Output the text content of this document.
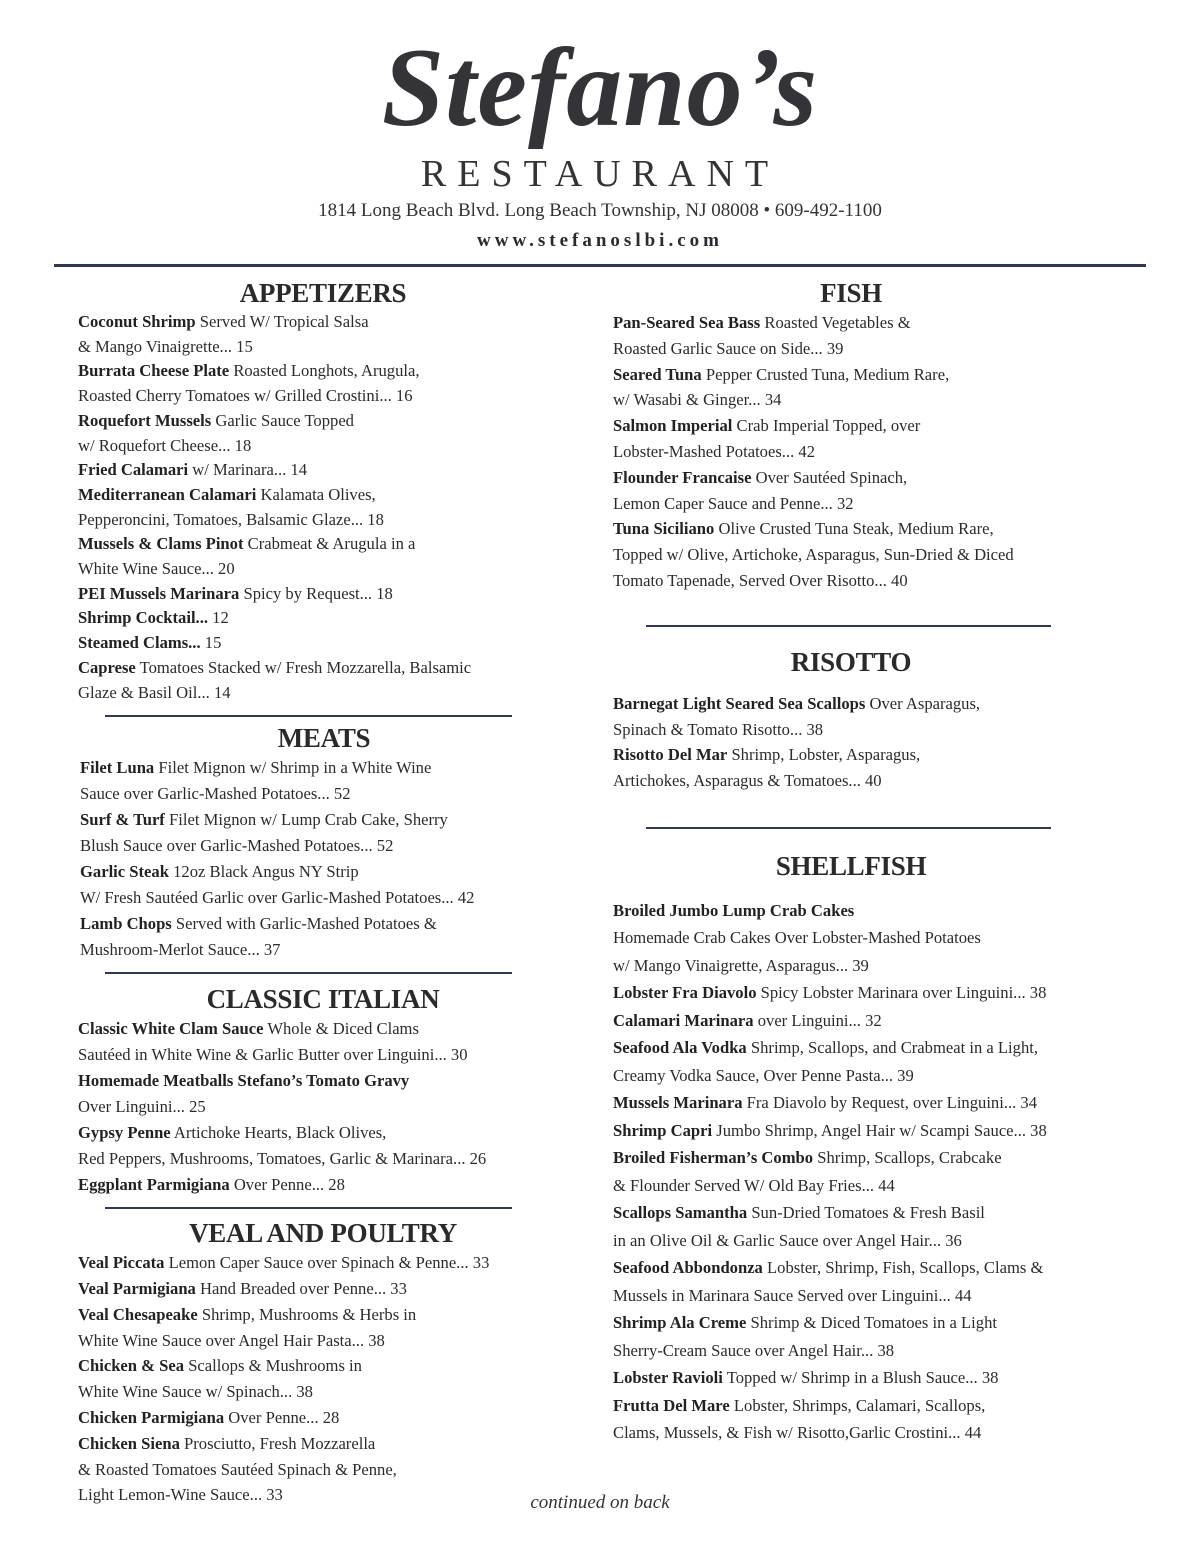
Stefano’s
RESTAURANT
1814 Long Beach Blvd. Long Beach Township, NJ 08008 • 609-492-1100
www.stefanoslbi.com
APPETIZERS
Coconut Shrimp Served W/ Tropical Salsa
& Mango Vinaigrette... 15
Burrata Cheese Plate Roasted Longhots, Arugula,
Roasted Cherry Tomatoes w/ Grilled Crostini... 16
Roquefort Mussels Garlic Sauce Topped
w/ Roquefort Cheese... 18
Fried Calamari w/ Marinara... 14
Mediterranean Calamari Kalamata Olives,
Pepperoncini, Tomatoes, Balsamic Glaze... 18
Mussels & Clams Pinot Crabmeat & Arugula in a
White Wine Sauce... 20
PEI Mussels Marinara Spicy by Request... 18
Shrimp Cocktail... 12
Steamed Clams... 15
Caprese Tomatoes Stacked w/ Fresh Mozzarella, Balsamic
Glaze & Basil Oil... 14
MEATS
Filet Luna Filet Mignon w/ Shrimp in a White Wine
Sauce over Garlic-Mashed Potatoes... 52
Surf & Turf Filet Mignon w/ Lump Crab Cake, Sherry
Blush Sauce over Garlic-Mashed Potatoes... 52
Garlic Steak 12oz Black Angus NY Strip
W/ Fresh Sautéed Garlic over Garlic-Mashed Potatoes... 42
Lamb Chops Served with Garlic-Mashed Potatoes &
Mushroom-Merlot Sauce... 37
CLASSIC ITALIAN
Classic White Clam Sauce Whole & Diced Clams
Sautéed in White Wine & Garlic Butter over Linguini... 30
Homemade Meatballs Stefano’s Tomato Gravy
Over Linguini... 25
Gypsy Penne Artichoke Hearts, Black Olives,
Red Peppers, Mushrooms, Tomatoes, Garlic & Marinara... 26
Eggplant Parmigiana Over Penne... 28
VEAL AND POULTRY
Veal Piccata Lemon Caper Sauce over Spinach & Penne... 33
Veal Parmigiana Hand Breaded over Penne... 33
Veal Chesapeake Shrimp, Mushrooms & Herbs in
White Wine Sauce over Angel Hair Pasta... 38
Chicken & Sea Scallops & Mushrooms in
White Wine Sauce w/ Spinach... 38
Chicken Parmigiana Over Penne... 28
Chicken Siena Prosciutto, Fresh Mozzarella
& Roasted Tomatoes Sautéed Spinach & Penne,
Light Lemon-Wine Sauce... 33
FISH
Pan-Seared Sea Bass Roasted Vegetables &
Roasted Garlic Sauce on Side... 39
Seared Tuna Pepper Crusted Tuna, Medium Rare,
w/ Wasabi & Ginger... 34
Salmon Imperial Crab Imperial Topped, over
Lobster-Mashed Potatoes... 42
Flounder Francaise Over Sautéed Spinach,
Lemon Caper Sauce and Penne... 32
Tuna Siciliano Olive Crusted Tuna Steak, Medium Rare,
Topped w/ Olive, Artichoke, Asparagus, Sun-Dried & Diced
Tomato Tapenade, Served Over Risotto... 40
RISOTTO
Barnegat Light Seared Sea Scallops Over Asparagus,
Spinach & Tomato Risotto... 38
Risotto Del Mar Shrimp, Lobster, Asparagus,
Artichokes, Asparagus & Tomatoes... 40
SHELLFISH
Broiled Jumbo Lump Crab Cakes
Homemade Crab Cakes Over Lobster-Mashed Potatoes
w/ Mango Vinaigrette, Asparagus... 39
Lobster Fra Diavolo Spicy Lobster Marinara over Linguini... 38
Calamari Marinara over Linguini... 32
Seafood Ala Vodka Shrimp, Scallops, and Crabmeat in a Light,
Creamy Vodka Sauce, Over Penne Pasta... 39
Mussels Marinara Fra Diavolo by Request, over Linguini... 34
Shrimp Capri Jumbo Shrimp, Angel Hair w/ Scampi Sauce... 38
Broiled Fisherman’s Combo Shrimp, Scallops, Crabcake
& Flounder Served W/ Old Bay Fries... 44
Scallops Samantha Sun-Dried Tomatoes & Fresh Basil
in an Olive Oil & Garlic Sauce over Angel Hair... 36
Seafood Abbondonza Lobster, Shrimp, Fish, Scallops, Clams &
Mussels in Marinara Sauce Served over Linguini... 44
Shrimp Ala Creme Shrimp & Diced Tomatoes in a Light
Sherry-Cream Sauce over Angel Hair... 38
Lobster Ravioli Topped w/ Shrimp in a Blush Sauce... 38
Frutta Del Mare Lobster, Shrimps, Calamari, Scallops,
Clams, Mussels, & Fish w/ Risotto,Garlic Crostini... 44
continued on back
